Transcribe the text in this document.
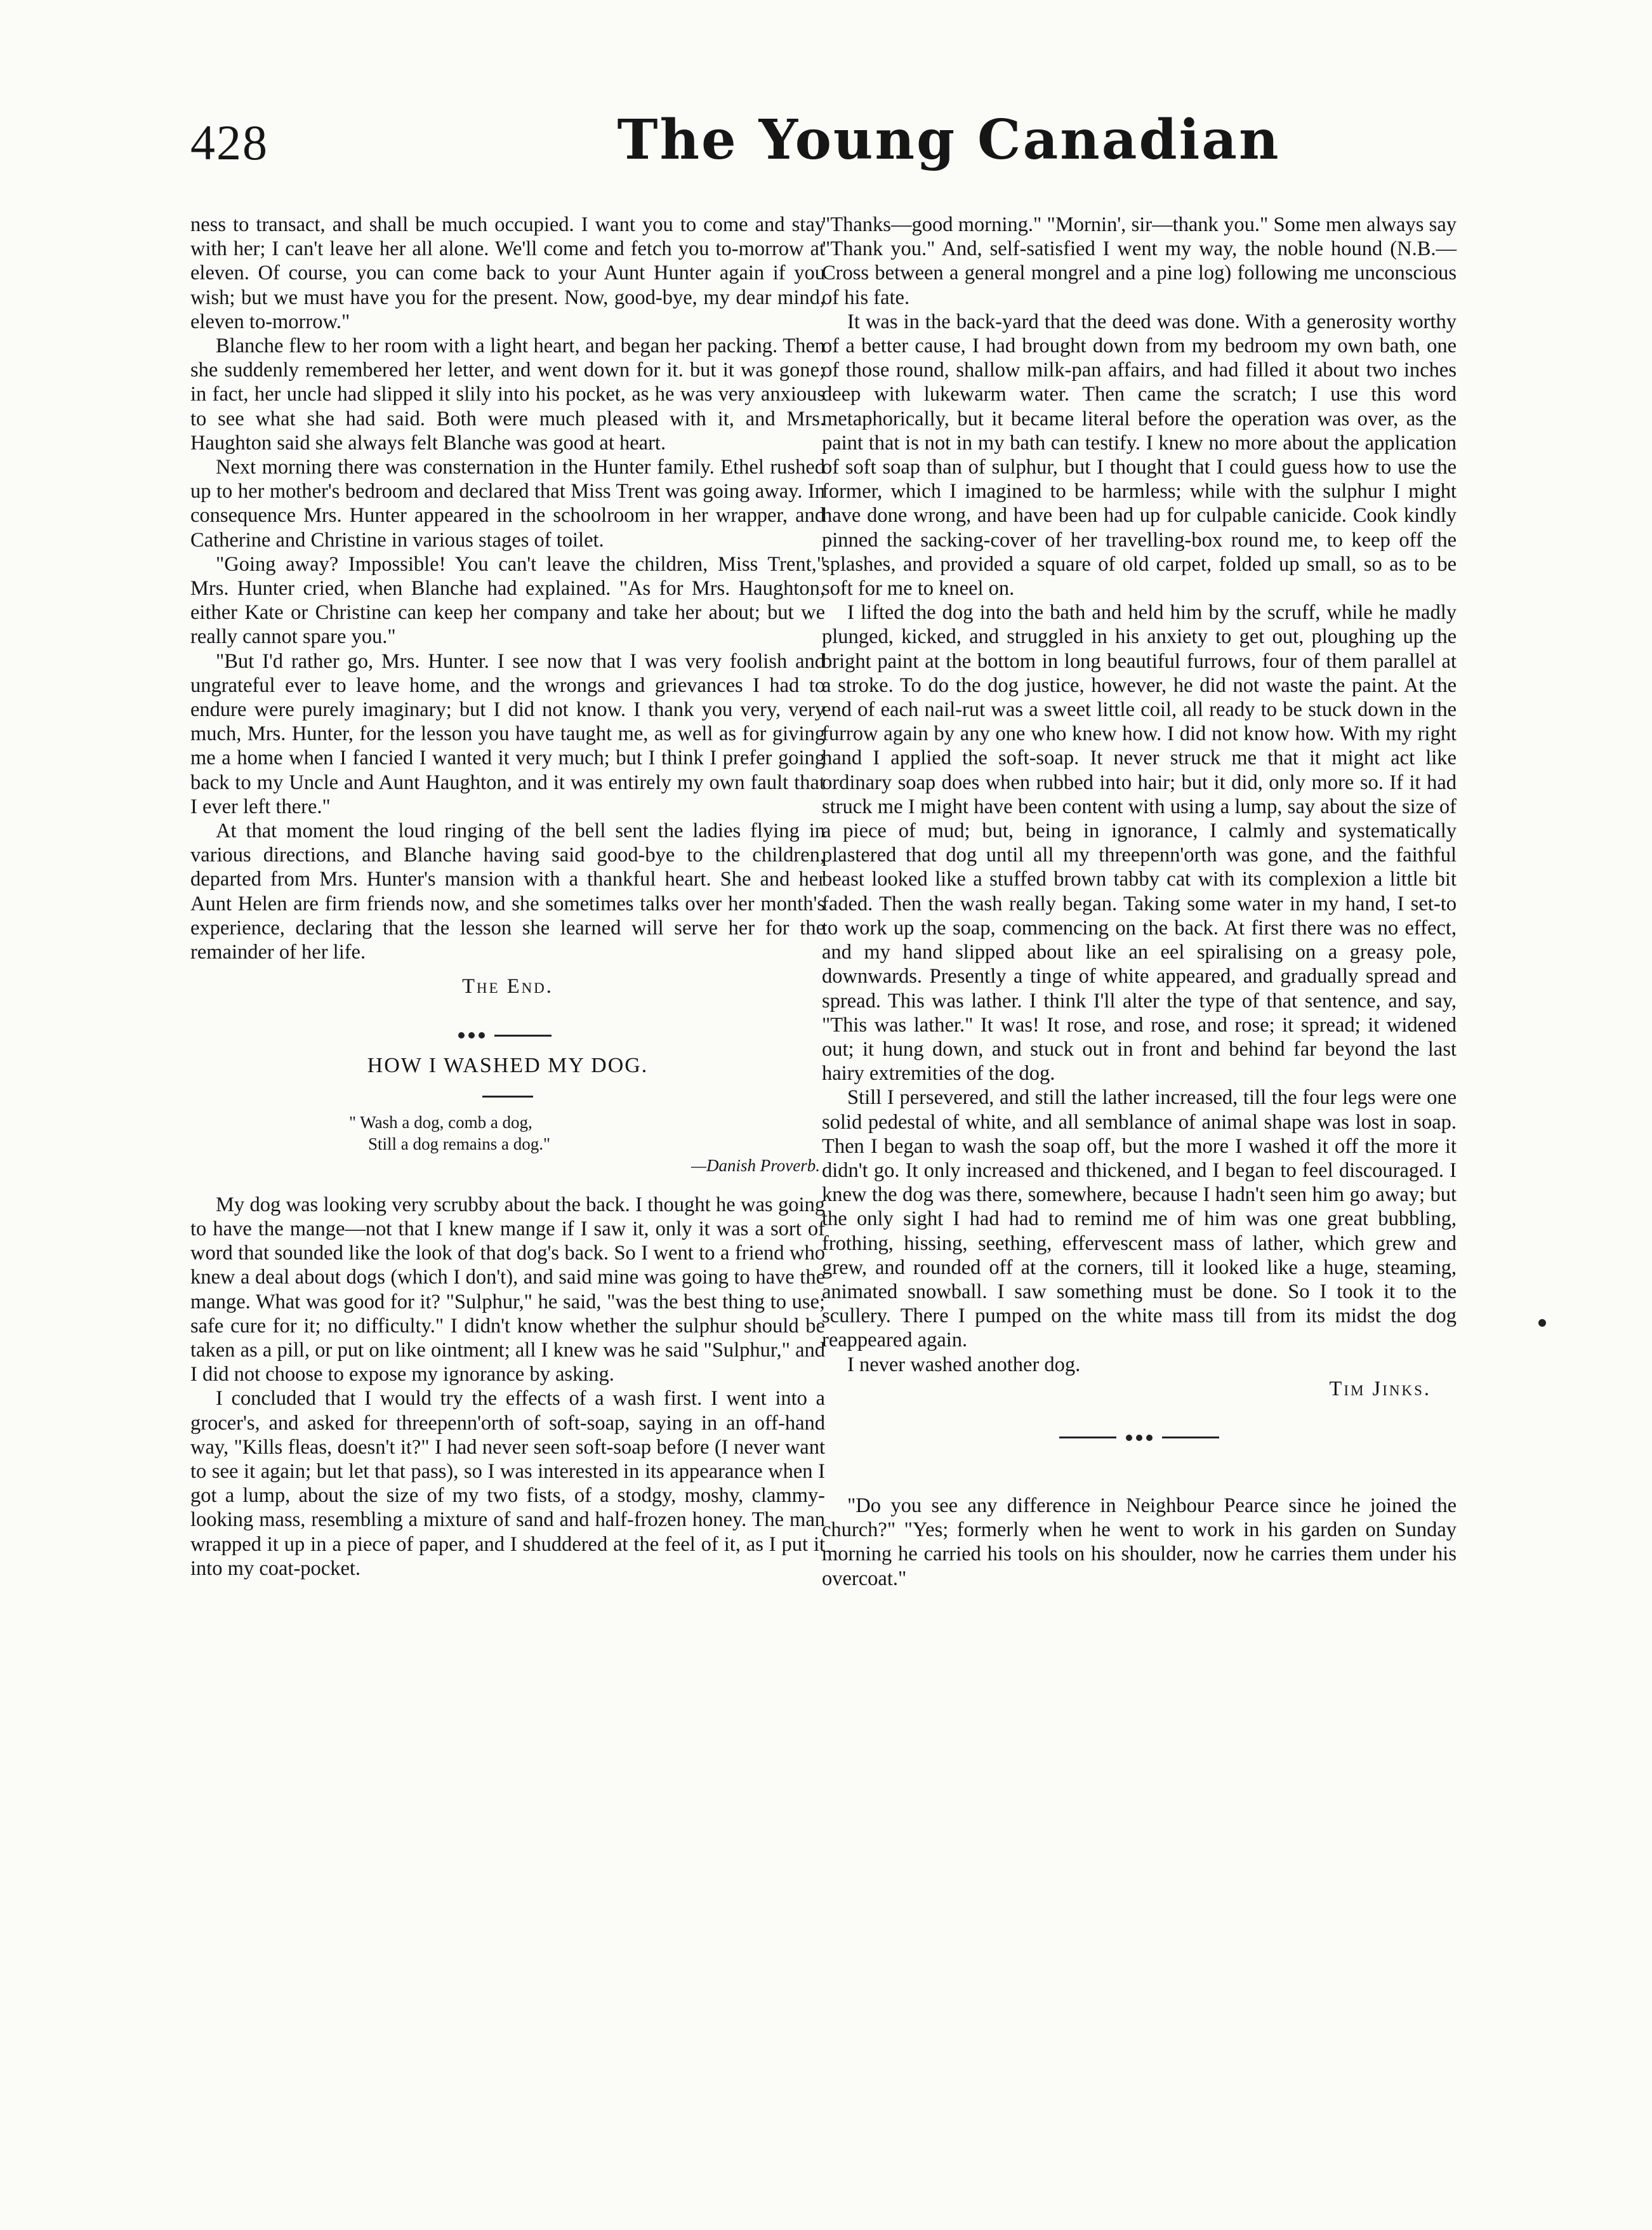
428	The Young Canadian

ness to transact, and shall be much occupied. I want you to come and stay with her; I can't leave her all alone. We'll come and fetch you to-morrow at eleven. Of course, you can come back to your Aunt Hunter again if you wish; but we must have you for the present. Now, good-bye, my dear mind, eleven to-morrow."

Blanche flew to her room with a light heart, and began her packing. Then she suddenly remembered her letter, and went down for it. but it was gone; in fact, her uncle had slipped it slily into his pocket, as he was very anxious to see what she had said. Both were much pleased with it, and Mrs. Haughton said she always felt Blanche was good at heart.

Next morning there was consternation in the Hunter family. Ethel rushed up to her mother's bedroom and declared that Miss Trent was going away. In consequence Mrs. Hunter appeared in the schoolroom in her wrapper, and Catherine and Christine in various stages of toilet.

"Going away? Impossible! You can't leave the children, Miss Trent," Mrs. Hunter cried, when Blanche had explained. "As for Mrs. Haughton, either Kate or Christine can keep her company and take her about; but we really cannot spare you."

"But I'd rather go, Mrs. Hunter. I see now that I was very foolish and ungrateful ever to leave home, and the wrongs and grievances I had to endure were purely imaginary; but I did not know. I thank you very, very much, Mrs. Hunter, for the lesson you have taught me, as well as for giving me a home when I fancied I wanted it very much; but I think I prefer going back to my Uncle and Aunt Haughton, and it was entirely my own fault that I ever left there."

At that moment the loud ringing of the bell sent the ladies flying in various directions, and Blanche having said good-bye to the children, departed from Mrs. Hunter's mansion with a thankful heart. She and her Aunt Helen are firm friends now, and she sometimes talks over her month's experience, declaring that the lesson she learned will serve her for the remainder of her life.

The End.

HOW I WASHED MY DOG.
" Wash a dog, comb a dog,
Still a dog remains a dog."
—Danish Proverb.

My dog was looking very scrubby about the back. I thought he was going to have the mange—not that I knew mange if I saw it, only it was a sort of word that sounded like the look of that dog's back. So I went to a friend who knew a deal about dogs (which I don't), and said mine was going to have the mange. What was good for it? "Sulphur," he said, "was the best thing to use; safe cure for it; no difficulty." I didn't know whether the sulphur should be taken as a pill, or put on like ointment; all I knew was he said "Sulphur," and I did not choose to expose my ignorance by asking.

I concluded that I would try the effects of a wash first. I went into a grocer's, and asked for threepenn'orth of soft-soap, saying in an off-hand way, "Kills fleas, doesn't it?" I had never seen soft-soap before (I never want to see it again; but let that pass), so I was interested in its appearance when I got a lump, about the size of my two fists, of a stodgy, moshy, clammy-looking mass, resembling a mixture of sand and half-frozen honey. The man wrapped it up in a piece of paper, and I shuddered at the feel of it, as I put it into my coat-pocket.

"Thanks—good morning." "Mornin', sir—thank you." Some men always say "Thank you." And, self-satisfied I went my way, the noble hound (N.B.—Cross between a general mongrel and a pine log) following me unconscious of his fate.

It was in the back-yard that the deed was done. With a generosity worthy of a better cause, I had brought down from my bedroom my own bath, one of those round, shallow milk-pan affairs, and had filled it about two inches deep with lukewarm water. Then came the scratch; I use this word metaphorically, but it became literal before the operation was over, as the paint that is not in my bath can testify. I knew no more about the application of soft soap than of sulphur, but I thought that I could guess how to use the former, which I imagined to be harmless; while with the sulphur I might have done wrong, and have been had up for culpable canicide. Cook kindly pinned the sacking-cover of her travelling-box round me, to keep off the splashes, and provided a square of old carpet, folded up small, so as to be soft for me to kneel on.

I lifted the dog into the bath and held him by the scruff, while he madly plunged, kicked, and struggled in his anxiety to get out, ploughing up the bright paint at the bottom in long beautiful furrows, four of them parallel at a stroke. To do the dog justice, however, he did not waste the paint. At the end of each nail-rut was a sweet little coil, all ready to be stuck down in the furrow again by any one who knew how. I did not know how. With my right hand I applied the soft-soap. It never struck me that it might act like ordinary soap does when rubbed into hair; but it did, only more so. If it had struck me I might have been content with using a lump, say about the size of a piece of mud; but, being in ignorance, I calmly and systematically plastered that dog until all my threepenn'orth was gone, and the faithful beast looked like a stuffed brown tabby cat with its complexion a little bit faded. Then the wash really began. Taking some water in my hand, I set-to to work up the soap, commencing on the back. At first there was no effect, and my hand slipped about like an eel spiralising on a greasy pole, downwards. Presently a tinge of white appeared, and gradually spread and spread. This was lather. I think I'll alter the type of that sentence, and say, "This was lather." It was! It rose, and rose, and rose; it spread; it widened out; it hung down, and stuck out in front and behind far beyond the last hairy extremities of the dog.

Still I persevered, and still the lather increased, till the four legs were one solid pedestal of white, and all semblance of animal shape was lost in soap. Then I began to wash the soap off, but the more I washed it off the more it didn't go. It only increased and thickened, and I began to feel discouraged. I knew the dog was there, somewhere, because I hadn't seen him go away; but the only sight I had had to remind me of him was one great bubbling, frothing, hissing, seething, effervescent mass of lather, which grew and grew, and rounded off at the corners, till it looked like a huge, steaming, animated snowball. I saw something must be done. So I took it to the scullery. There I pumped on the white mass till from its midst the dog reappeared again.

I never washed another dog.

Tim Jinks.

"Do you see any difference in Neighbour Pearce since he joined the church?" "Yes; formerly when he went to work in his garden on Sunday morning he carried his tools on his shoulder, now he carries them under his overcoat."
